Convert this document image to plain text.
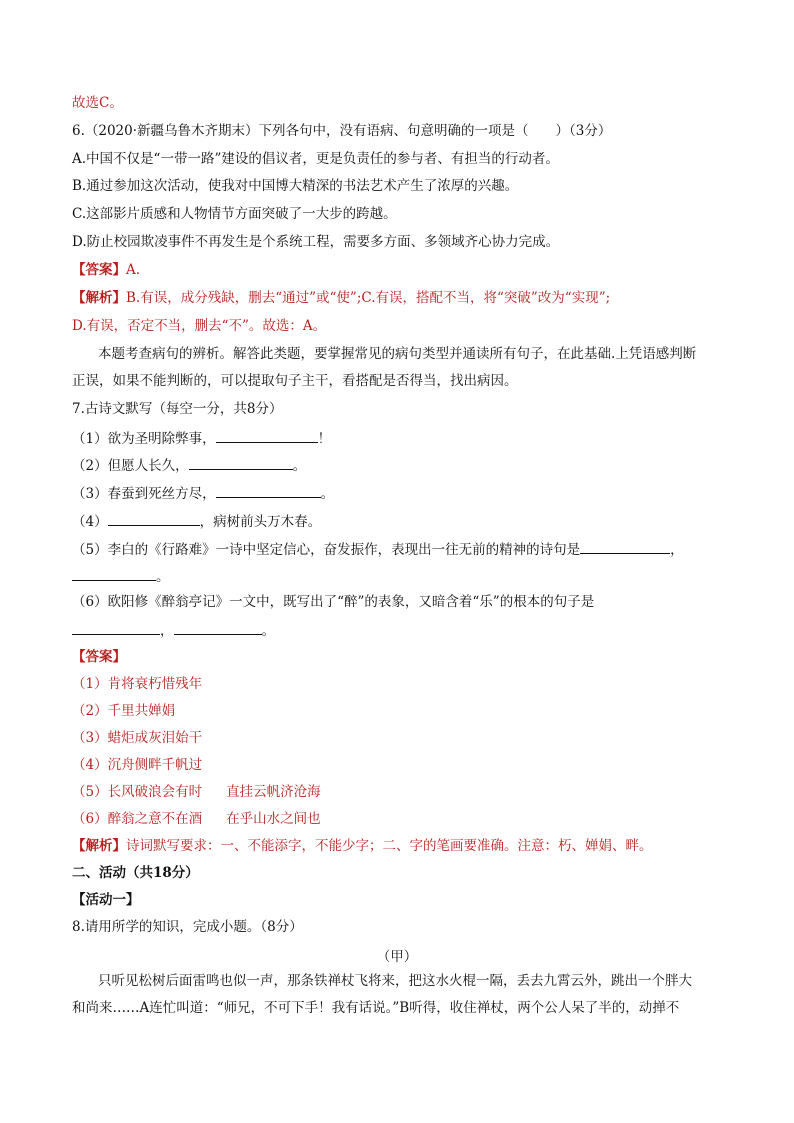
故选C。
6.（2020·新疆乌鲁木齐期末）下列各句中，没有语病、句意明确的一项是（　　）（3分）
A.中国不仅是“一带一路”建设的倡议者，更是负责任的参与者、有担当的行动者。
B.通过参加这次活动，使我对中国博大精深的书法艺术产生了浓厚的兴趣。
C.这部影片质感和人物情节方面突破了一大步的跨越。
D.防止校园欺凌事件不再发生是个系统工程，需要多方面、多领域齐心协力完成。
【答案】A.
【解析】B.有误，成分残缺，删去“通过”或“使”;C.有误，搭配不当，将“突破”改为“实现”;
D.有误，否定不当，删去“不”。故选：A。
本题考查病句的辨析。解答此类题，要掌握常见的病句类型并通读所有句子，在此基础.上凭语感判断
正误，如果不能判断的，可以提取句子主干，看搭配是否得当，找出病因。
7.古诗文默写（每空一分，共8分）
（1）欲为圣明除弊事，	！
（2）但愿人长久，	。
（3）春蚕到死丝方尽，	。
（4）	，病树前头万木春。
（5）李白的《行路难》一诗中坚定信心，奋发振作，表现出一往无前的精神的诗句是	，
。
（6）欧阳修《醉翁亭记》一文中，既写出了“醉”的表象，又暗含着“乐”的根本的句子是
，	。
【答案】
（1）肯将衰朽惜残年
（2）千里共婵娟
（3）蜡炬成灰泪始干
（4）沉舟侧畔千帆过
（5）长风破浪会有时 直挂云帆济沧海
（6）醉翁之意不在酒 在乎山水之间也
【解析】诗词默写要求：一、不能添字，不能少字；二、字的笔画要准确。注意：朽、婵娟、畔。
二、活动（共18分）
【活动一】
8.请用所学的知识，完成小题。（8分）
（甲）
只听见松树后面雷鸣也似一声，那条铁禅杖飞将来，把这水火棍一隔，丢去九霄云外，跳出一个胖大
和尚来……A连忙叫道：“师兄，不可下手！我有话说。”B听得，收住禅杖，两个公人呆了半的，动掸不
